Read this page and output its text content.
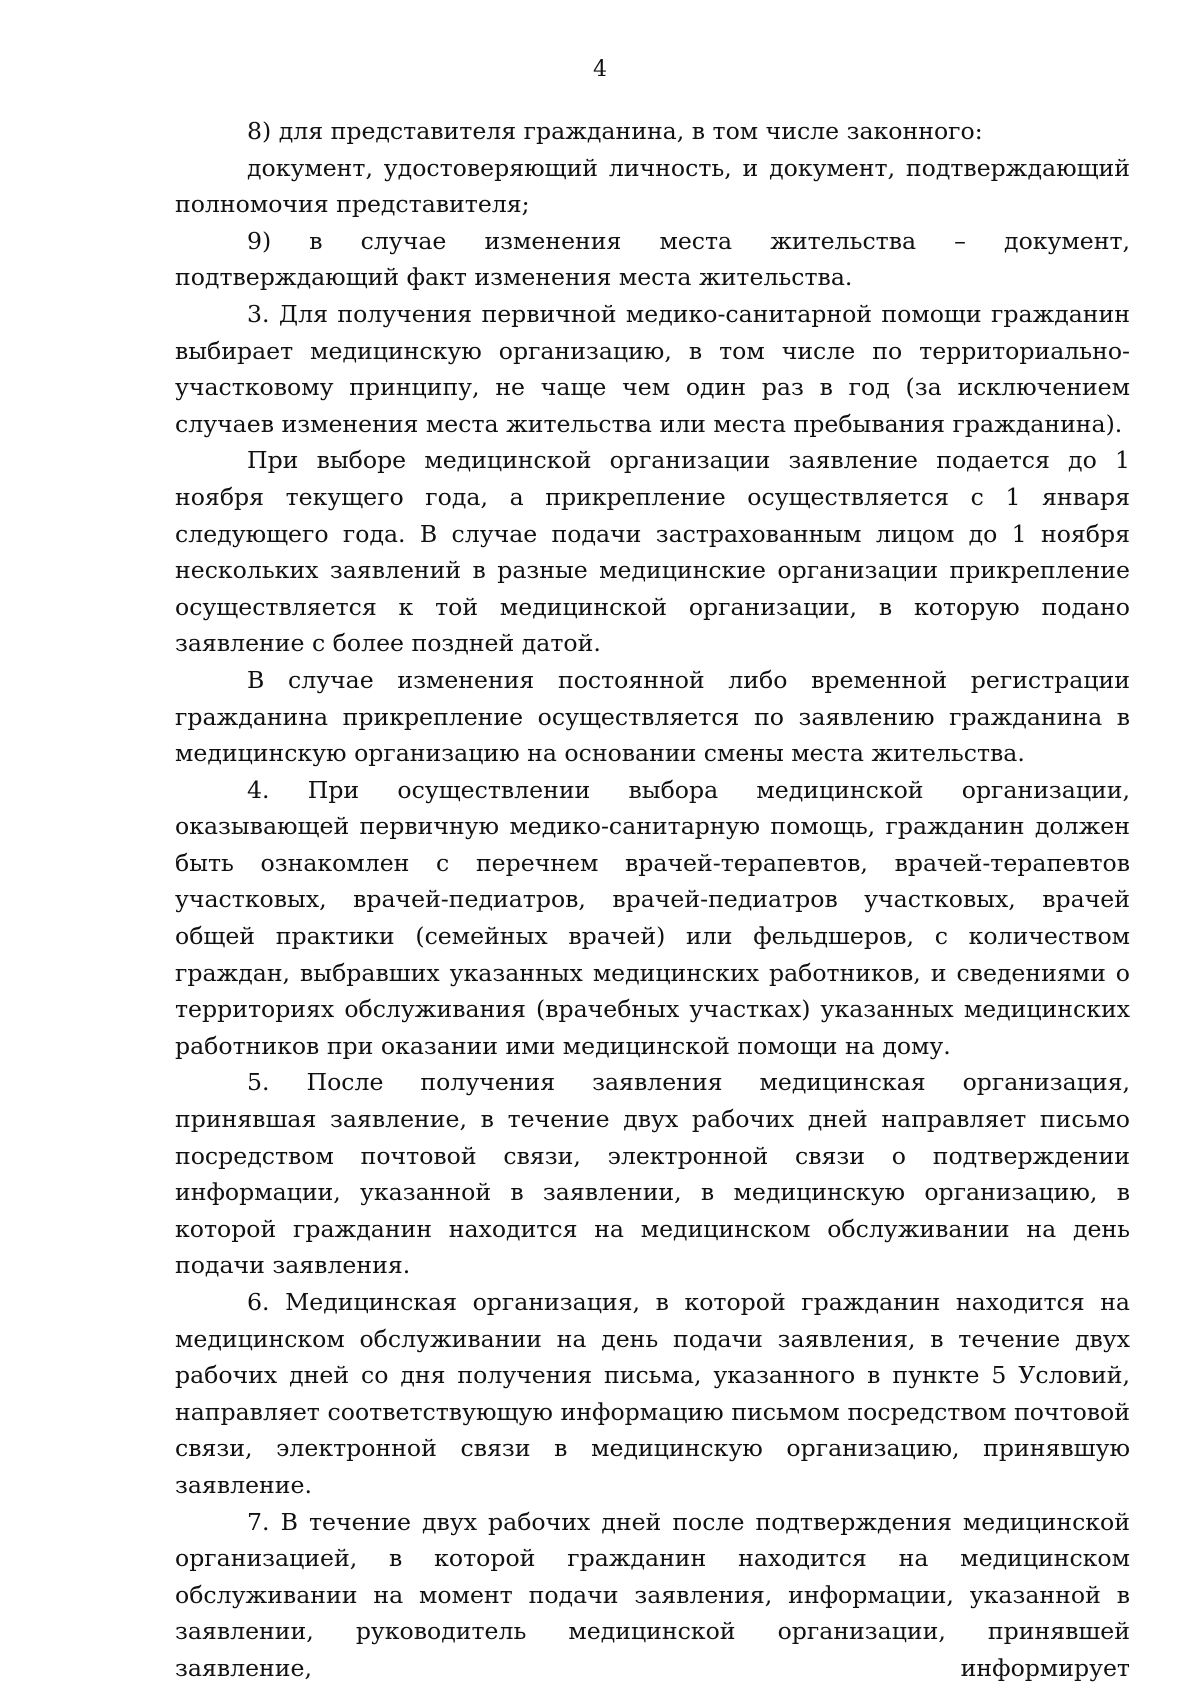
4

8) для представителя гражданина, в том числе законного:

документ, удостоверяющий личность, и документ, подтверждающий полномочия представителя;

9) в случае изменения места жительства – документ, подтверждающий факт изменения места жительства.

3. Для получения первичной медико-санитарной помощи гражданин выбирает медицинскую организацию, в том числе по территориально-участковому принципу, не чаще чем один раз в год (за исключением случаев изменения места жительства или места пребывания гражданина).

При выборе медицинской организации заявление подается до 1 ноября текущего года, а прикрепление осуществляется с 1 января следующего года. В случае подачи застрахованным лицом до 1 ноября нескольких заявлений в разные медицинские организации прикрепление осуществляется к той медицинской организации, в которую подано заявление с более поздней датой.

В случае изменения постоянной либо временной регистрации гражданина прикрепление осуществляется по заявлению гражданина в медицинскую организацию на основании смены места жительства.

4. При осуществлении выбора медицинской организации, оказывающей первичную медико-санитарную помощь, гражданин должен быть ознакомлен с перечнем врачей-терапевтов, врачей-терапевтов участковых, врачей-педиатров, врачей-педиатров участковых, врачей общей практики (семейных врачей) или фельдшеров, с количеством граждан, выбравших указанных медицинских работников, и сведениями о территориях обслуживания (врачебных участках) указанных медицинских работников при оказании ими медицинской помощи на дому.

5. После получения заявления медицинская организация, принявшая заявление, в течение двух рабочих дней направляет письмо посредством почтовой связи, электронной связи о подтверждении информации, указанной в заявлении, в медицинскую организацию, в которой гражданин находится на медицинском обслуживании на день подачи заявления.

6. Медицинская организация, в которой гражданин находится на медицинском обслуживании на день подачи заявления, в течение двух рабочих дней со дня получения письма, указанного в пункте 5 Условий, направляет соответствующую информацию письмом посредством почтовой связи, электронной связи в медицинскую организацию, принявшую заявление.

7. В течение двух рабочих дней после подтверждения медицинской организацией, в которой гражданин находится на медицинском обслуживании на момент подачи заявления, информации, указанной в заявлении, руководитель медицинской организации, принявшей заявление, информирует
